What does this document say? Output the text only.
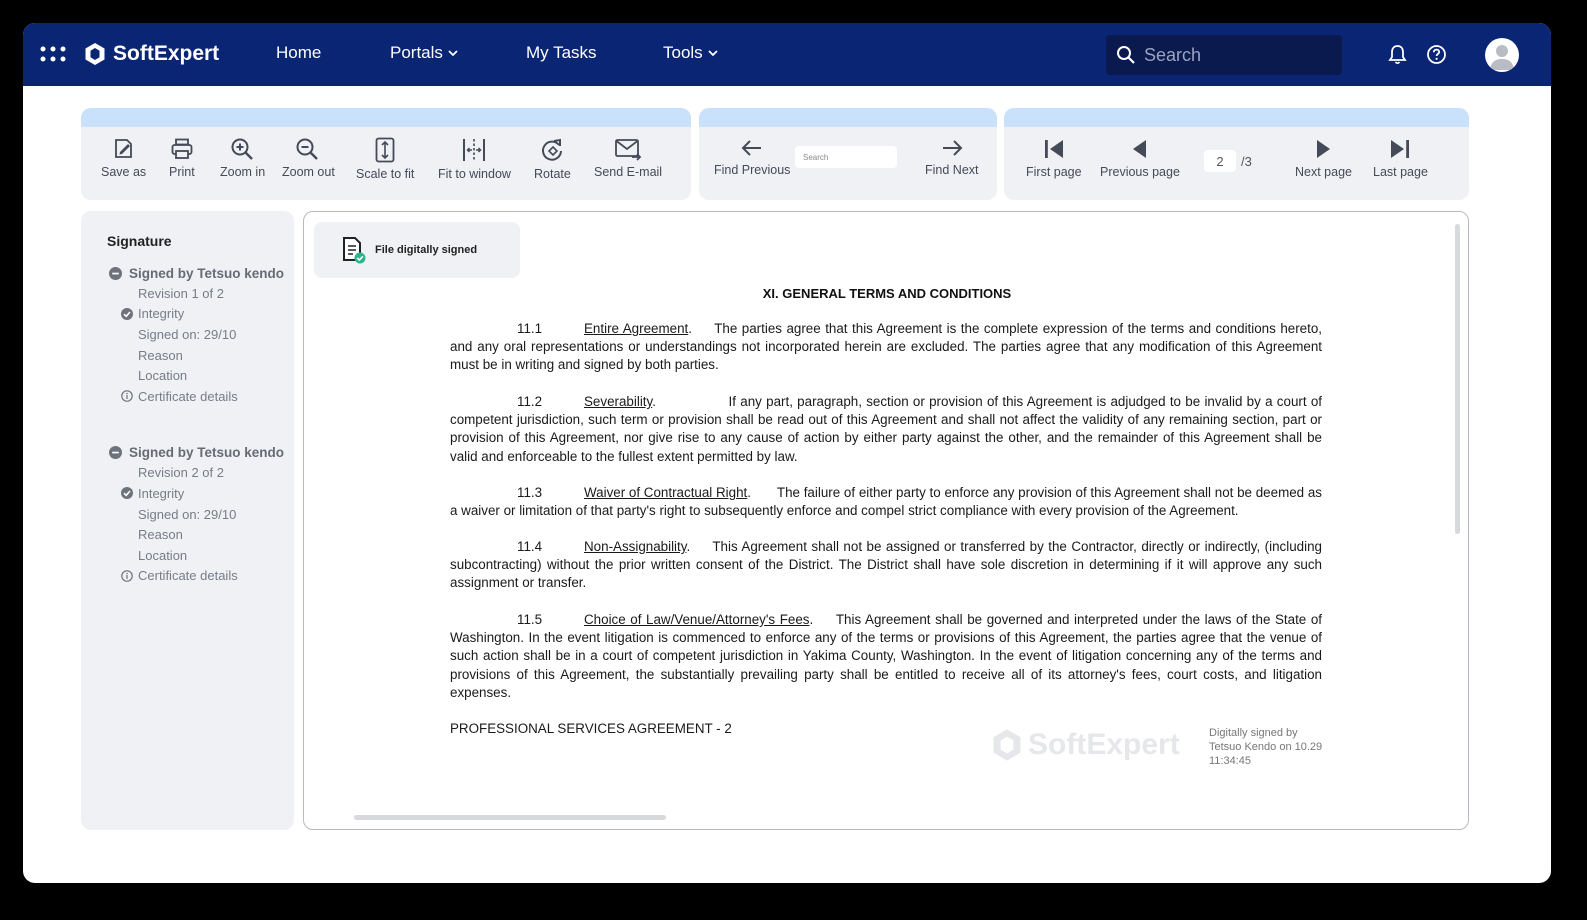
SoftExpert	Home	Portals	My Tasks	Tools
Search
Save as Print Zoom in Zoom out Scale to fit Fit to window Rotate Send E-mail	Find Previous
Search	Find Next	First page Previous page
2
/3
Next page Last page
Signature
Signed by Tetsuo kendo
Revision 1 of 2
Integrity
Signed on: 29/10
Reason
Location
Certificate details
Signed by Tetsuo kendo
Revision 2 of 2
Integrity
Signed on: 29/10
Reason
Location
Certificate details
File digitally signed
XI. GENERAL TERMS AND CONDITIONS
11.1	Entire Agreement.     The parties agree that this Agreement is the complete expression of the terms and conditions hereto, and any oral representations or understandings not incorporated herein are excluded. The parties agree that any modification of this Agreement must be in writing and signed by both parties.
11.2	Severability.                 If any part, paragraph, section or provision of this Agreement is adjudged to be invalid by a court of competent jurisdiction, such term or provision shall be read out of this Agreement and shall not affect the validity of any remaining section, part or provision of this Agreement, nor give rise to any cause of action by either party against the other, and the remainder of this Agreement shall be valid and enforceable to the fullest extent permitted by law.
11.3	Waiver of Contractual Right.       The failure of either party to enforce any provision of this Agreement shall not be deemed as a waiver or limitation of that party's right to subsequently enforce and compel strict compliance with every provision of the Agreement.
11.4	Non-Assignability.     This Agreement shall not be assigned or transferred by the Contractor, directly or indirectly, (including subcontracting) without the prior written consent of the District. The District shall have sole discretion in determining if it will approve any such assignment or transfer.
11.5	Choice of Law/Venue/Attorney's Fees.     This Agreement shall be governed and interpreted under the laws of the State of Washington. In the event litigation is commenced to enforce any of the terms or provisions of this Agreement, the parties agree that the venue of such action shall be in a court of competent jurisdiction in Yakima County, Washington. In the event of litigation concerning any of the terms and provisions of this Agreement, the substantially prevailing party shall be entitled to receive all of its attorney's fees, court costs, and litigation expenses.
PROFESSIONAL SERVICES AGREEMENT - 2	SoftExpert	Digitally signed by
Tetsuo Kendo on 10.29
11:34:45
